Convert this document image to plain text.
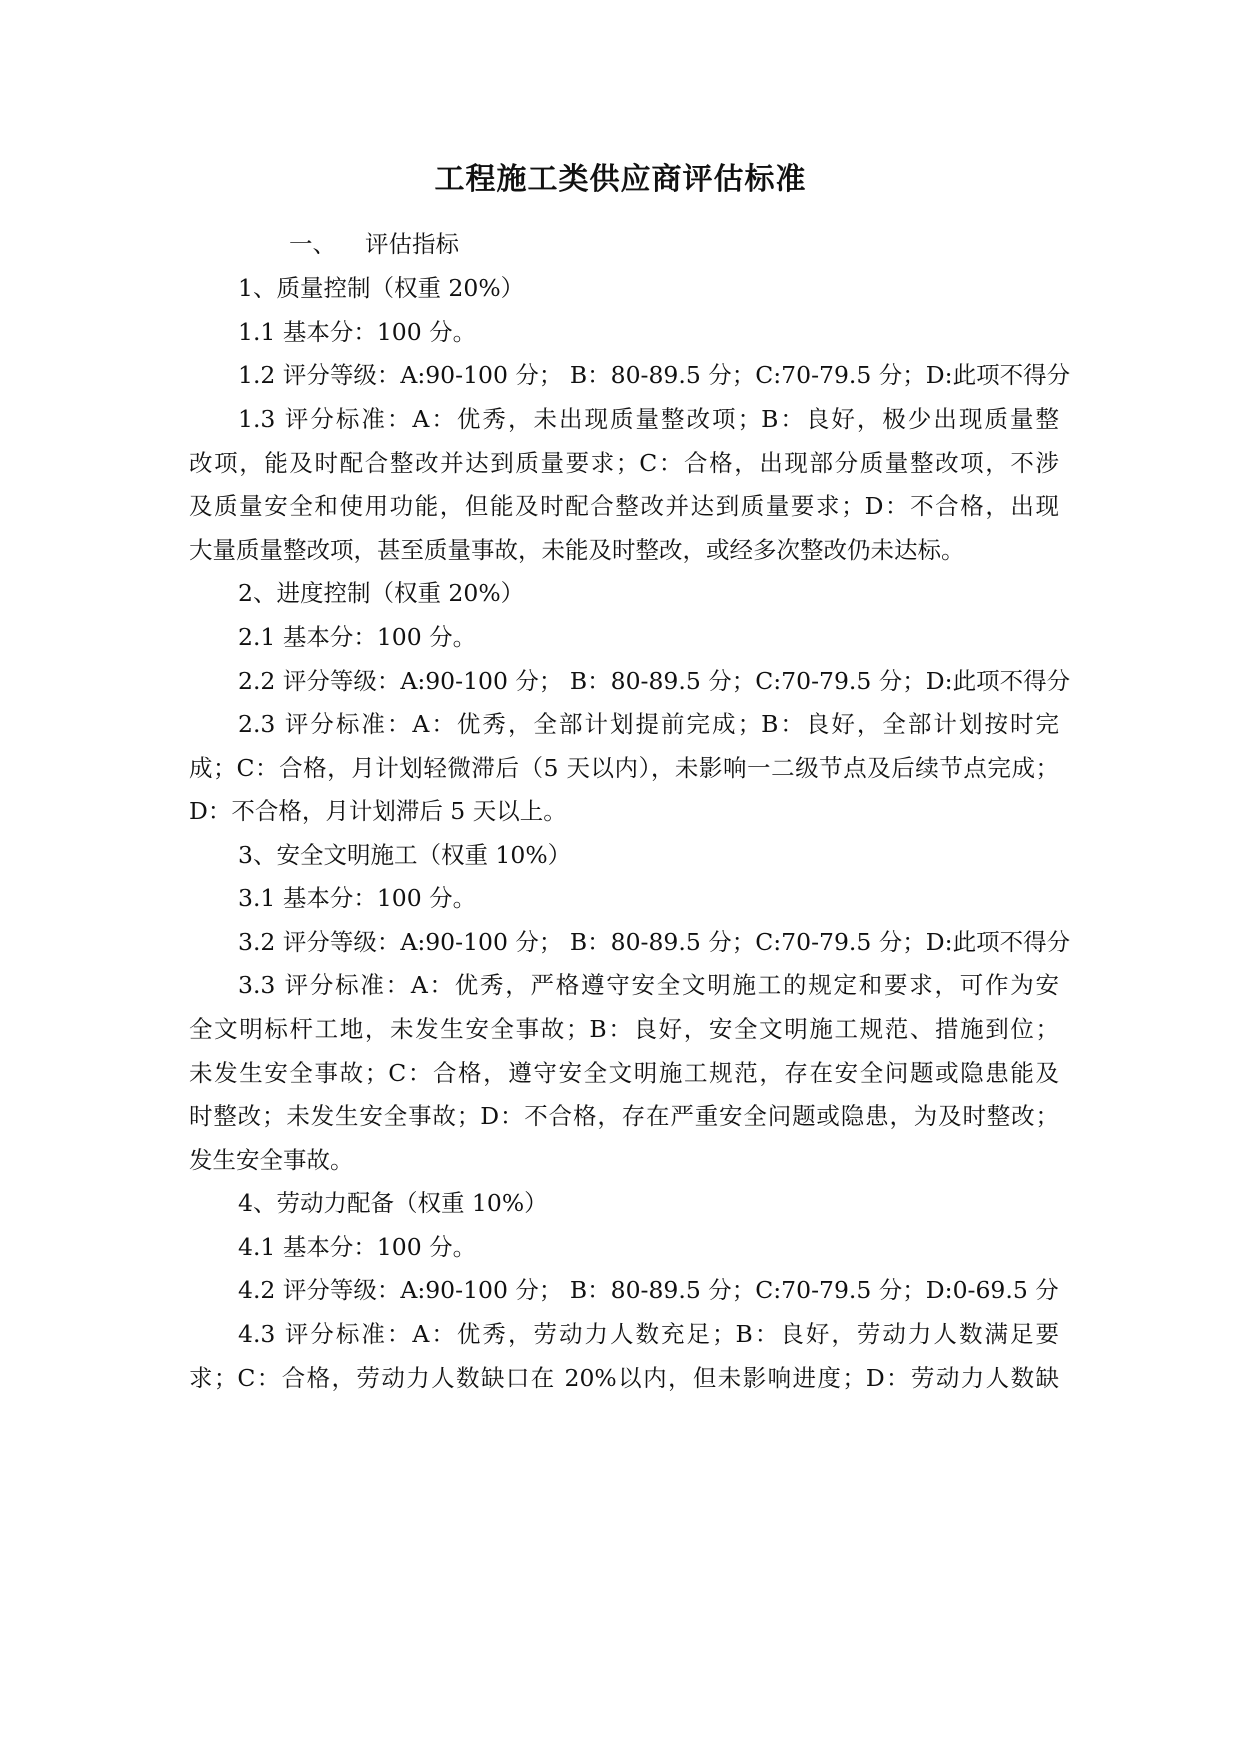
工程施工类供应商评估标准
一、 评估指标
1、质量控制（权重 20%）
1.1 基本分：100 分。
1.2 评分等级：A:90-100 分； B：80-89.5 分；C:70-79.5 分；D:此项不得分
1.3 评分标准：A：优秀，未出现质量整改项；B：良好，极少出现质量整
改项，能及时配合整改并达到质量要求；C：合格，出现部分质量整改项，不涉
及质量安全和使用功能，但能及时配合整改并达到质量要求；D：不合格，出现
大量质量整改项，甚至质量事故，未能及时整改，或经多次整改仍未达标。
2、进度控制（权重 20%）
2.1 基本分：100 分。
2.2 评分等级：A:90-100 分； B：80-89.5 分；C:70-79.5 分；D:此项不得分
2.3 评分标准：A：优秀，全部计划提前完成；B：良好，全部计划按时完
成；C：合格，月计划轻微滞后（5 天以内），未影响一二级节点及后续节点完成；
D：不合格，月计划滞后 5 天以上。
3、安全文明施工（权重 10%）
3.1 基本分：100 分。
3.2 评分等级：A:90-100 分； B：80-89.5 分；C:70-79.5 分；D:此项不得分
3.3 评分标准：A：优秀，严格遵守安全文明施工的规定和要求，可作为安
全文明标杆工地，未发生安全事故；B：良好，安全文明施工规范、措施到位；
未发生安全事故；C：合格，遵守安全文明施工规范，存在安全问题或隐患能及
时整改；未发生安全事故；D：不合格，存在严重安全问题或隐患，为及时整改；
发生安全事故。
4、劳动力配备（权重 10%）
4.1 基本分：100 分。
4.2 评分等级：A:90-100 分； B：80-89.5 分；C:70-79.5 分；D:0-69.5 分
4.3 评分标准：A：优秀，劳动力人数充足；B：良好，劳动力人数满足要
求；C：合格，劳动力人数缺口在 20%以内，但未影响进度；D：劳动力人数缺
